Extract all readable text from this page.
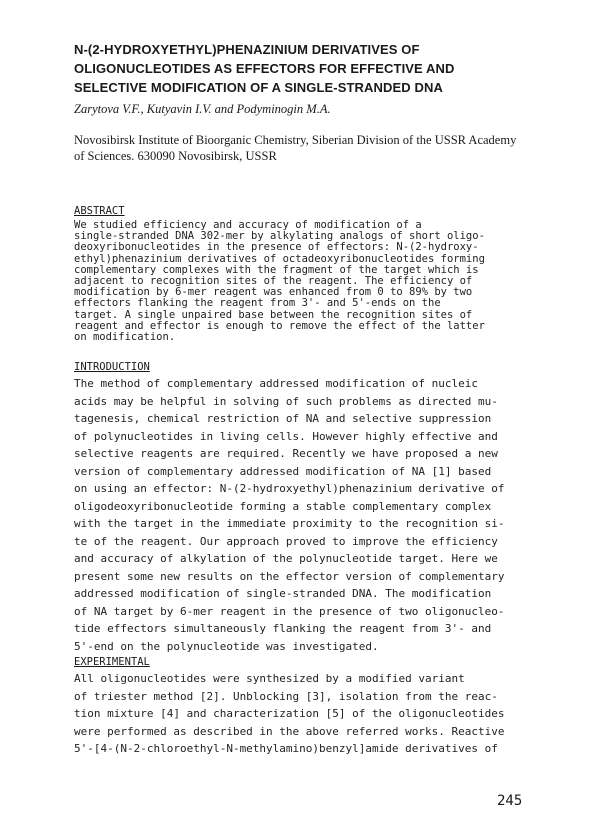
N-(2-HYDROXYETHYL)PHENAZINIUM DERIVATIVES OF
OLIGONUCLEOTIDES AS EFFECTORS FOR EFFECTIVE AND
SELECTIVE MODIFICATION OF A SINGLE-STRANDED DNA

Zarytova V.F., Kutyavin I.V. and Podyminogin M.A.

Novosibirsk Institute of Bioorganic Chemistry, Siberian Division of the USSR Academy
of Sciences. 630090 Novosibirsk, USSR

ABSTRACT

We studied efficiency and accuracy of modification of a
single-stranded DNA 302-mer by alkylating analogs of short oligo-
deoxyribonucleotides in the presence of effectors: N-(2-hydroxy-
ethyl)phenazinium derivatives of octadeoxyribonucleotides forming
complementary complexes with the fragment of the target which is
adjacent to recognition sites of the reagent. The efficiency of
modification by 6-mer reagent was enhanced from 0 to 89% by two
effectors flanking the reagent from 3'- and 5'-ends on the
target. A single unpaired base between the recognition sites of
reagent and effector is enough to remove the effect of the latter
on modification.

INTRODUCTION

The method of complementary addressed modification of nucleic
acids may be helpful in solving of such problems as directed mu-
tagenesis, chemical restriction of NA and selective suppression
of polynucleotides in living cells. However highly effective and
selective reagents are required. Recently we have proposed a new
version of complementary addressed modification of NA [1] based
on using an effector: N-(2-hydroxyethyl)phenazinium derivative of
oligodeoxyribonucleotide forming a stable complementary complex
with the target in the immediate proximity to the recognition si-
te of the reagent. Our approach proved to improve the efficiency
and accuracy of alkylation of the polynucleotide target. Here we
present some new results on the effector version of complementary
addressed modification of single-stranded DNA. The modification
of NA target by 6-mer reagent in the presence of two oligonucleo-
tide effectors simultaneously flanking the reagent from 3'- and
5'-end on the polynucleotide was investigated.

EXPERIMENTAL

All oligonucleotides were synthesized by a modified variant
of triester method [2]. Unblocking [3], isolation from the reac-
tion mixture [4] and characterization [5] of the oligonucleotides
were performed as described in the above referred works. Reactive
5'-[4-(N-2-chloroethyl-N-methylamino)benzyl]amide derivatives of

245
